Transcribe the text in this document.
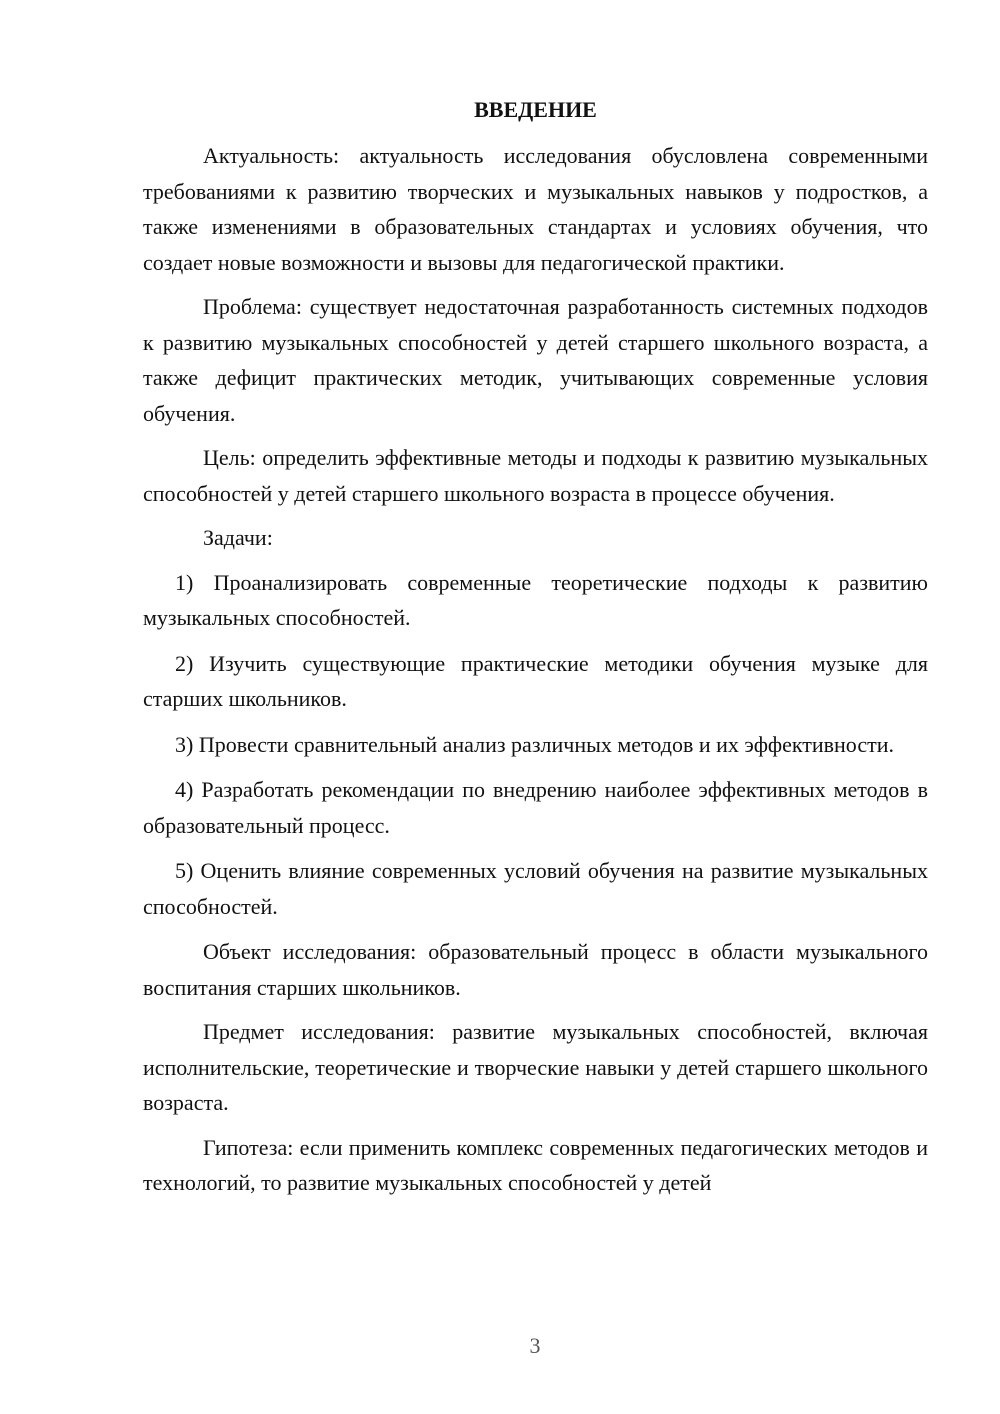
ВВЕДЕНИЕ

Актуальность: актуальность исследования обусловлена современными требованиями к развитию творческих и музыкальных навыков у подростков, а также изменениями в образовательных стандартах и условиях обучения, что создает новые возможности и вызовы для педагогической практики.

Проблема: существует недостаточная разработанность системных подходов к развитию музыкальных способностей у детей старшего школьного возраста, а также дефицит практических методик, учитывающих современные условия обучения.

Цель: определить эффективные методы и подходы к развитию музыкальных способностей у детей старшего школьного возраста в процессе обучения.

Задачи:

1) Проанализировать современные теоретические подходы к развитию музыкальных способностей.

2) Изучить существующие практические методики обучения музыке для старших школьников.

3) Провести сравнительный анализ различных методов и их эффективности.

4) Разработать рекомендации по внедрению наиболее эффективных методов в образовательный процесс.

5) Оценить влияние современных условий обучения на развитие музыкальных способностей.

Объект исследования: образовательный процесс в области музыкального воспитания старших школьников.

Предмет исследования: развитие музыкальных способностей, включая исполнительские, теоретические и творческие навыки у детей старшего школьного возраста.

Гипотеза: если применить комплекс современных педагогических методов и технологий, то развитие музыкальных способностей у детей

3
